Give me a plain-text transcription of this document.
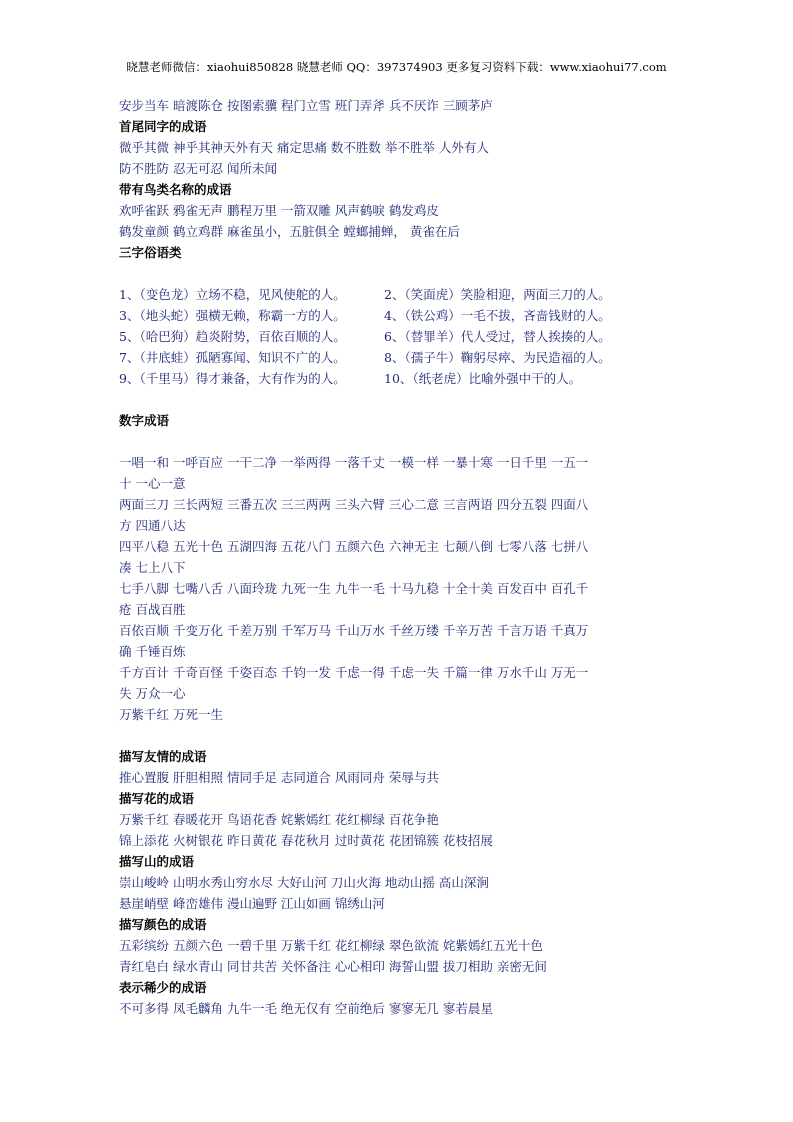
晓慧老师微信：xiaohui850828 晓慧老师 QQ：397374903 更多复习资料下载：www.xiaohui77.com
安步当车 暗渡陈仓 按图索骥 程门立雪 班门弄斧 兵不厌诈 三顾茅庐
首尾同字的成语
微乎其微 神乎其神天外有天 痛定思痛 数不胜数 举不胜举 人外有人
防不胜防 忍无可忍 闻所未闻
带有鸟类名称的成语
欢呼雀跃 鸦雀无声 鹏程万里 一箭双雕 风声鹤唳 鹤发鸡皮
鹤发童颜 鹤立鸡群 麻雀虽小，五脏俱全 螳螂捕蝉， 黄雀在后
三字俗语类
1、（变色龙）立场不稳，见风使舵的人。	2、（笑面虎）笑脸相迎，两面三刀的人。
3、（地头蛇）强横无赖，称霸一方的人。	4、（铁公鸡）一毛不拔，吝啬钱财的人。
5、（哈巴狗）趋炎附势，百依百顺的人。	6、（替罪羊）代人受过，替人挨揍的人。
7、（井底蛙）孤陋寡闻、知识不广的人。	8、（孺子牛）鞠躬尽瘁、为民造福的人。
9、（千里马）得才兼备，大有作为的人。	10、（纸老虎）比喻外强中干的人。
数字成语
一唱一和 一呼百应 一干二净 一举两得 一落千丈 一模一样 一暴十寒 一日千里 一五一
十 一心一意
两面三刀 三长两短 三番五次 三三两两 三头六臂 三心二意 三言两语 四分五裂 四面八
方 四通八达
四平八稳 五光十色 五湖四海 五花八门 五颜六色 六神无主 七颠八倒 七零八落 七拼八
凑 七上八下
七手八脚 七嘴八舌 八面玲珑 九死一生 九牛一毛 十马九稳 十全十美 百发百中 百孔千
疮 百战百胜
百依百顺 千变万化 千差万别 千军万马 千山万水 千丝万缕 千辛万苦 千言万语 千真万
确 千锤百炼
千方百计 千奇百怪 千姿百态 千钧一发 千虑一得 千虑一失 千篇一律 万水千山 万无一
失 万众一心
万紫千红 万死一生
描写友情的成语
推心置腹 肝胆相照 情同手足 志同道合 风雨同舟 荣辱与共
描写花的成语
万紫千红 春暖花开 鸟语花香 姹紫嫣红 花红柳绿 百花争艳
锦上添花 火树银花 昨日黄花 春花秋月 过时黄花 花团锦簇 花枝招展
描写山的成语
崇山峻岭 山明水秀山穷水尽 大好山河 刀山火海 地动山摇 高山深涧
悬崖峭壁 峰峦雄伟 漫山遍野 江山如画 锦绣山河
描写颜色的成语
五彩缤纷 五颜六色 一碧千里 万紫千红 花红柳绿 翠色欲流 姹紫嫣红五光十色
青红皂白 绿水青山 同甘共苦 关怀备注 心心相印 海誓山盟 拔刀相助 亲密无间
表示稀少的成语
不可多得 凤毛麟角 九牛一毛 绝无仅有 空前绝后 寥寥无几 寥若晨星
